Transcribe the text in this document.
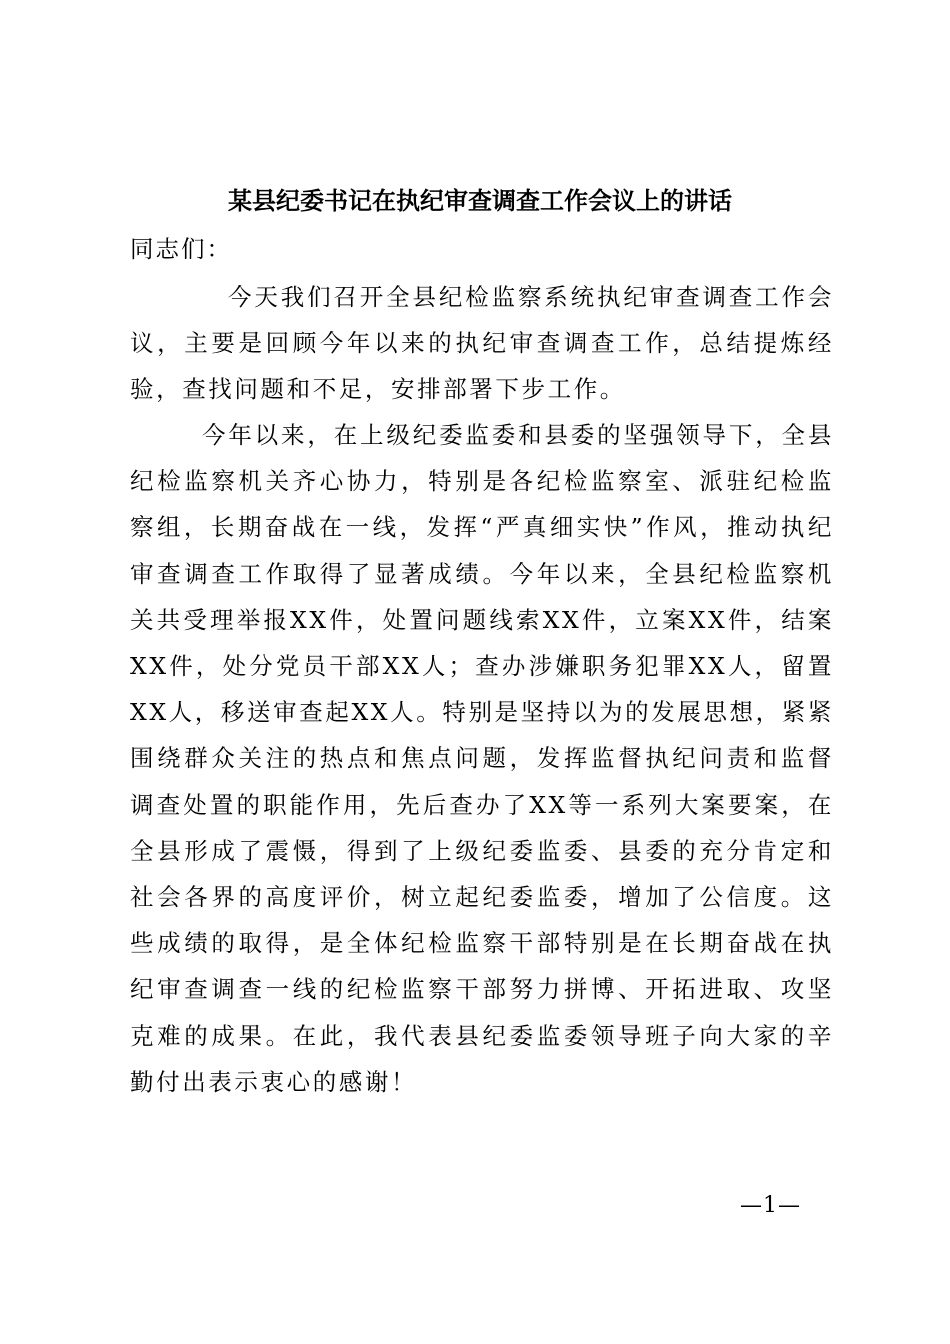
某县纪委书记在执纪审查调查工作会议上的讲话

同志们：

今天我们召开全县纪检监察系统执纪审查调查工作会议，主要是回顾今年以来的执纪审查调查工作，总结提炼经验，查找问题和不足，安排部署下步工作。

今年以来，在上级纪委监委和县委的坚强领导下，全县纪检监察机关齐心协力，特别是各纪检监察室、派驻纪检监察组，长期奋战在一线，发挥“严真细实快”作风，推动执纪审查调查工作取得了显著成绩。今年以来，全县纪检监察机关共受理举报XX件，处置问题线索XX件，立案XX件，结案XX件，处分党员干部XX人；查办涉嫌职务犯罪XX人，留置XX人，移送审查起XX人。特别是坚持以为的发展思想，紧紧围绕群众关注的热点和焦点问题，发挥监督执纪问责和监督调查处置的职能作用，先后查办了XX等一系列大案要案，在全县形成了震慑，得到了上级纪委监委、县委的充分肯定和社会各界的高度评价，树立起纪委监委，增加了公信度。这些成绩的取得，是全体纪检监察干部特别是在长期奋战在执纪审查调查一线的纪检监察干部努力拼博、开拓进取、攻坚克难的成果。在此，我代表县纪委监委领导班子向大家的辛勤付出表示衷心的感谢！

—1—
